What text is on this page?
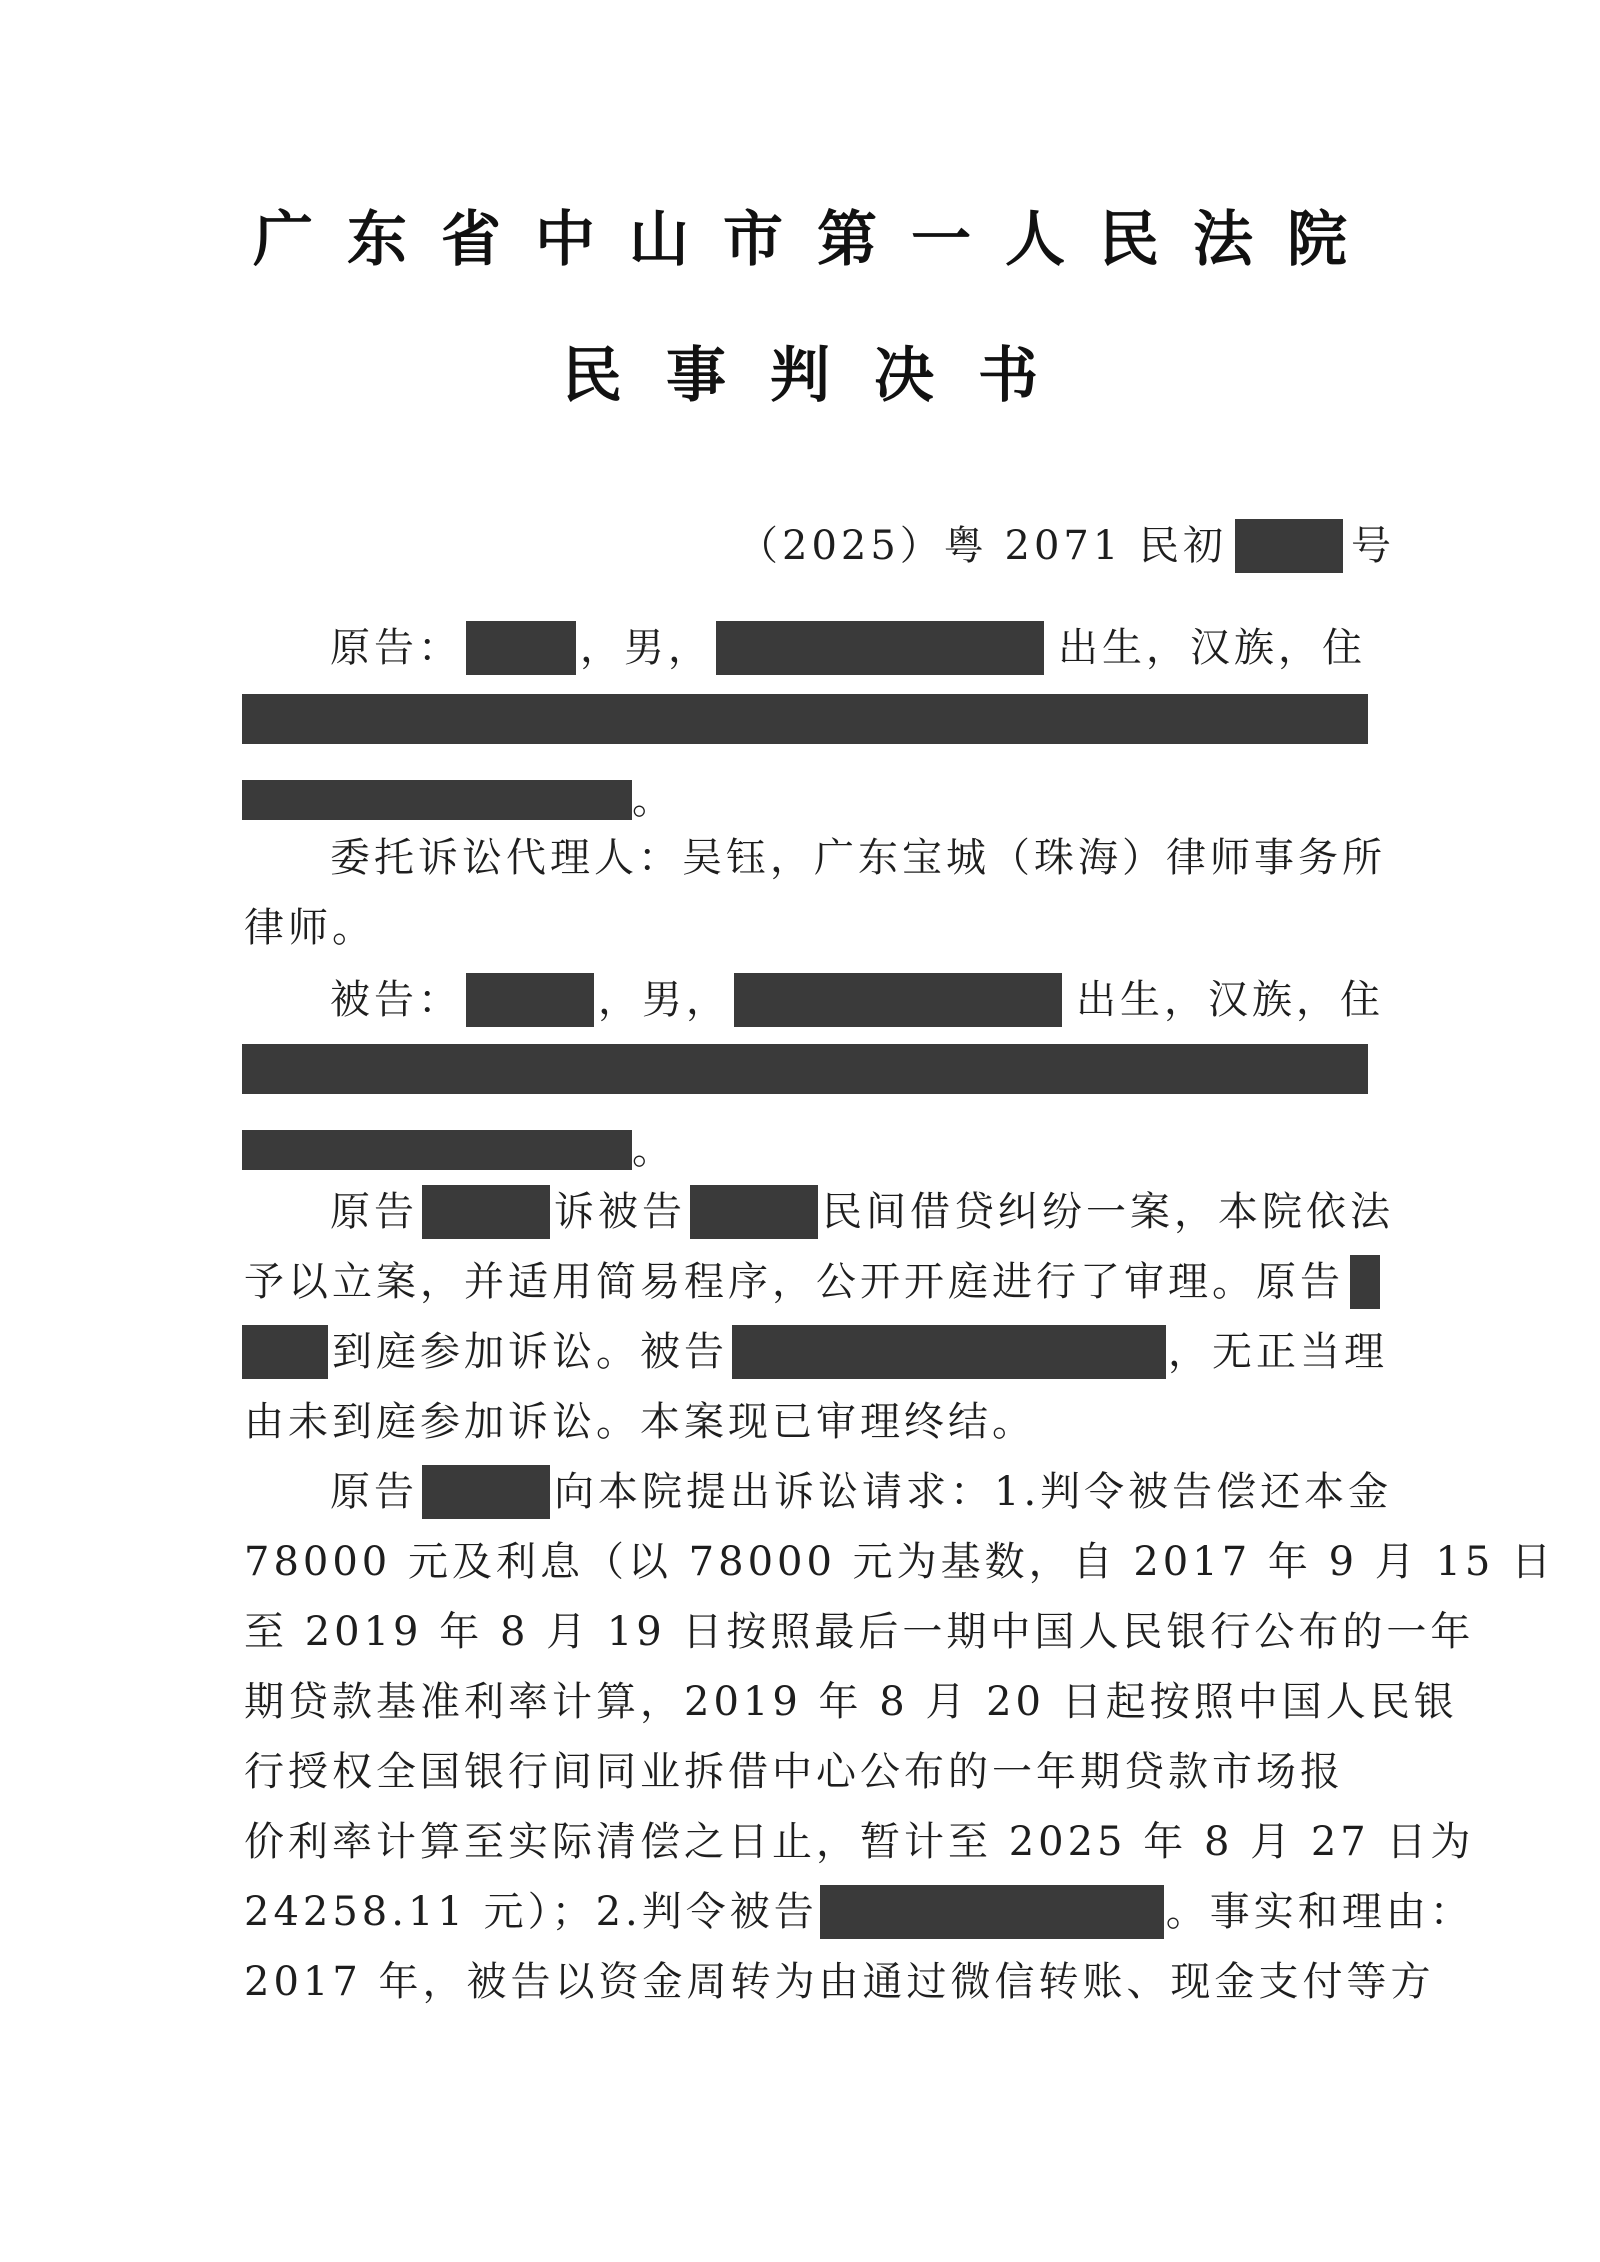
广东省中山市第一人民法院
民事判决书
（2025）粤 2071 民初	号
原告：	，男，	出生，汉族，住
。
委托诉讼代理人：吴钰，广东宝城（珠海）律师事务所
律师。
被告：	，男，	出生，汉族，住
。
原告	诉被告	民间借贷纠纷一案，本院依法
予以立案，并适用简易程序，公开开庭进行了审理。原告
到庭参加诉讼。被告	，无正当理
由未到庭参加诉讼。本案现已审理终结。
原告	向本院提出诉讼请求：1.判令被告偿还本金
78000 元及利息（以 78000 元为基数，自 2017 年 9 月 15 日
至 2019 年 8 月 19 日按照最后一期中国人民银行公布的一年
期贷款基准利率计算，2019 年 8 月 20 日起按照中国人民银
行授权全国银行间同业拆借中心公布的一年期贷款市场报
价利率计算至实际清偿之日止，暂计至 2025 年 8 月 27 日为
24258.11 元）；2.判令被告	。事实和理由：
2017 年，被告以资金周转为由通过微信转账、现金支付等方
